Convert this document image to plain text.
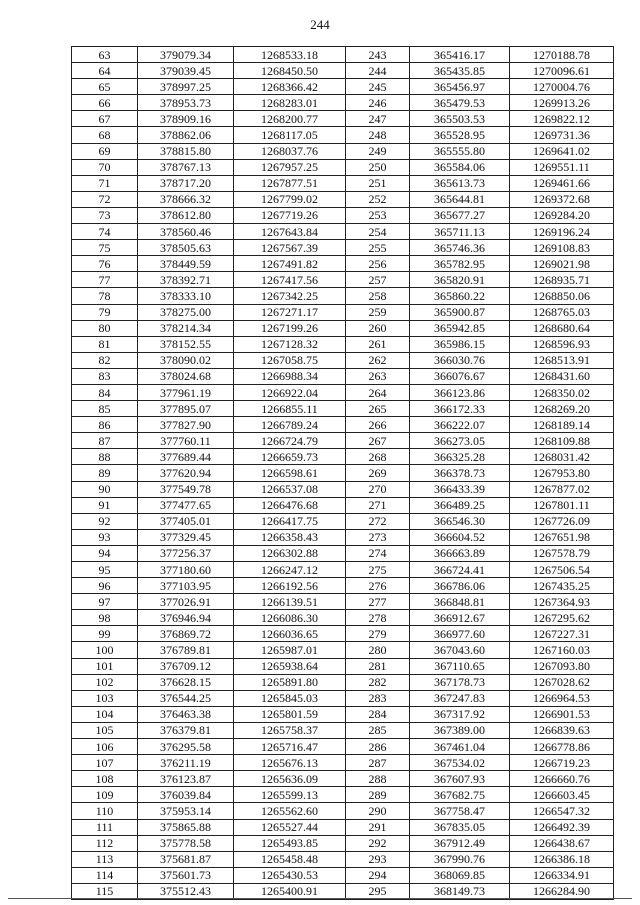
244
63	379079.34	1268533.18	243	365416.17	1270188.78
64	379039.45	1268450.50	244	365435.85	1270096.61
65	378997.25	1268366.42	245	365456.97	1270004.76
66	378953.73	1268283.01	246	365479.53	1269913.26
67	378909.16	1268200.77	247	365503.53	1269822.12
68	378862.06	1268117.05	248	365528.95	1269731.36
69	378815.80	1268037.76	249	365555.80	1269641.02
70	378767.13	1267957.25	250	365584.06	1269551.11
71	378717.20	1267877.51	251	365613.73	1269461.66
72	378666.32	1267799.02	252	365644.81	1269372.68
73	378612.80	1267719.26	253	365677.27	1269284.20
74	378560.46	1267643.84	254	365711.13	1269196.24
75	378505.63	1267567.39	255	365746.36	1269108.83
76	378449.59	1267491.82	256	365782.95	1269021.98
77	378392.71	1267417.56	257	365820.91	1268935.71
78	378333.10	1267342.25	258	365860.22	1268850.06
79	378275.00	1267271.17	259	365900.87	1268765.03
80	378214.34	1267199.26	260	365942.85	1268680.64
81	378152.55	1267128.32	261	365986.15	1268596.93
82	378090.02	1267058.75	262	366030.76	1268513.91
83	378024.68	1266988.34	263	366076.67	1268431.60
84	377961.19	1266922.04	264	366123.86	1268350.02
85	377895.07	1266855.11	265	366172.33	1268269.20
86	377827.90	1266789.24	266	366222.07	1268189.14
87	377760.11	1266724.79	267	366273.05	1268109.88
88	377689.44	1266659.73	268	366325.28	1268031.42
89	377620.94	1266598.61	269	366378.73	1267953.80
90	377549.78	1266537.08	270	366433.39	1267877.02
91	377477.65	1266476.68	271	366489.25	1267801.11
92	377405.01	1266417.75	272	366546.30	1267726.09
93	377329.45	1266358.43	273	366604.52	1267651.98
94	377256.37	1266302.88	274	366663.89	1267578.79
95	377180.60	1266247.12	275	366724.41	1267506.54
96	377103.95	1266192.56	276	366786.06	1267435.25
97	377026.91	1266139.51	277	366848.81	1267364.93
98	376946.94	1266086.30	278	366912.67	1267295.62
99	376869.72	1266036.65	279	366977.60	1267227.31
100	376789.81	1265987.01	280	367043.60	1267160.03
101	376709.12	1265938.64	281	367110.65	1267093.80
102	376628.15	1265891.80	282	367178.73	1267028.62
103	376544.25	1265845.03	283	367247.83	1266964.53
104	376463.38	1265801.59	284	367317.92	1266901.53
105	376379.81	1265758.37	285	367389.00	1266839.63
106	376295.58	1265716.47	286	367461.04	1266778.86
107	376211.19	1265676.13	287	367534.02	1266719.23
108	376123.87	1265636.09	288	367607.93	1266660.76
109	376039.84	1265599.13	289	367682.75	1266603.45
110	375953.14	1265562.60	290	367758.47	1266547.32
111	375865.88	1265527.44	291	367835.05	1266492.39
112	375778.58	1265493.85	292	367912.49	1266438.67
113	375681.87	1265458.48	293	367990.76	1266386.18
114	375601.73	1265430.53	294	368069.85	1266334.91
115	375512.43	1265400.91	295	368149.73	1266284.90
